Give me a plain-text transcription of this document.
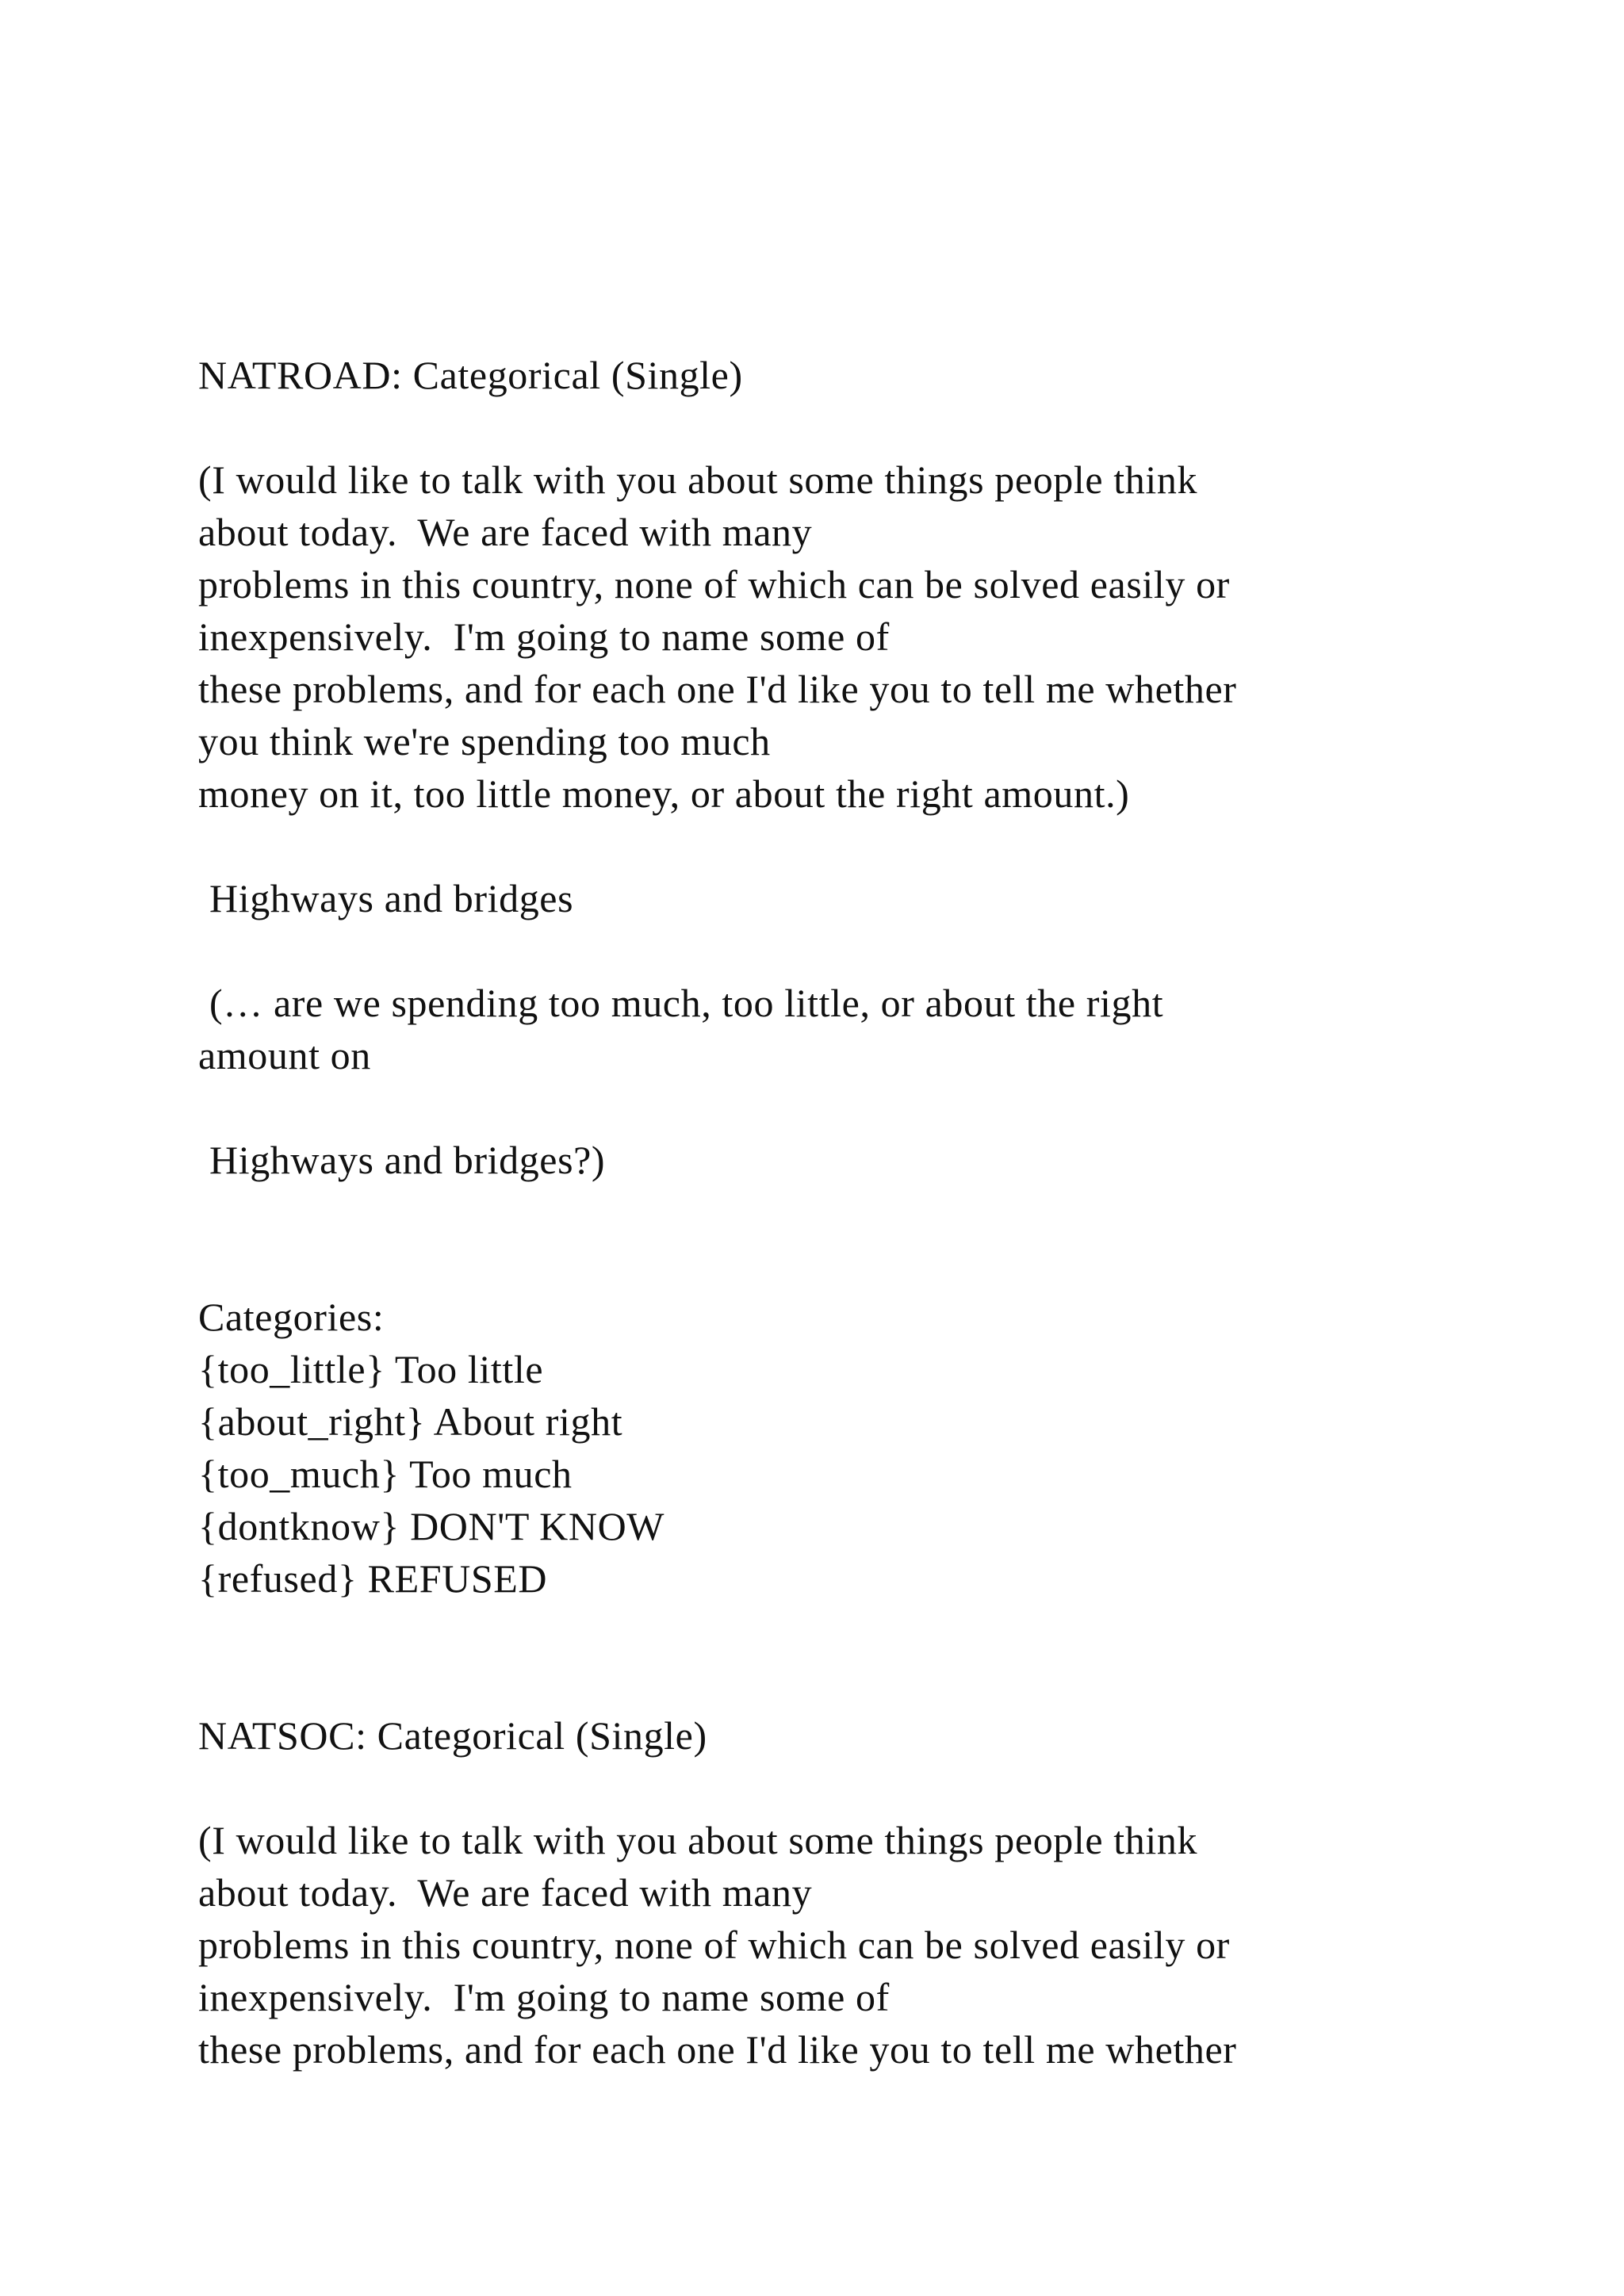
NATROAD: Categorical (Single)
(I would like to talk with you about some things people think
about today.  We are faced with many
problems in this country, none of which can be solved easily or
inexpensively.  I'm going to name some of
these problems, and for each one I'd like you to tell me whether
you think we're spending too much
money on it, too little money, or about the right amount.)
Highways and bridges
(… are we spending too much, too little, or about the right
amount on
Highways and bridges?)
Categories:
{too_little} Too little
{about_right} About right
{too_much} Too much
{dontknow} DON'T KNOW
{refused} REFUSED
NATSOC: Categorical (Single)
(I would like to talk with you about some things people think
about today.  We are faced with many
problems in this country, none of which can be solved easily or
inexpensively.  I'm going to name some of
these problems, and for each one I'd like you to tell me whether
